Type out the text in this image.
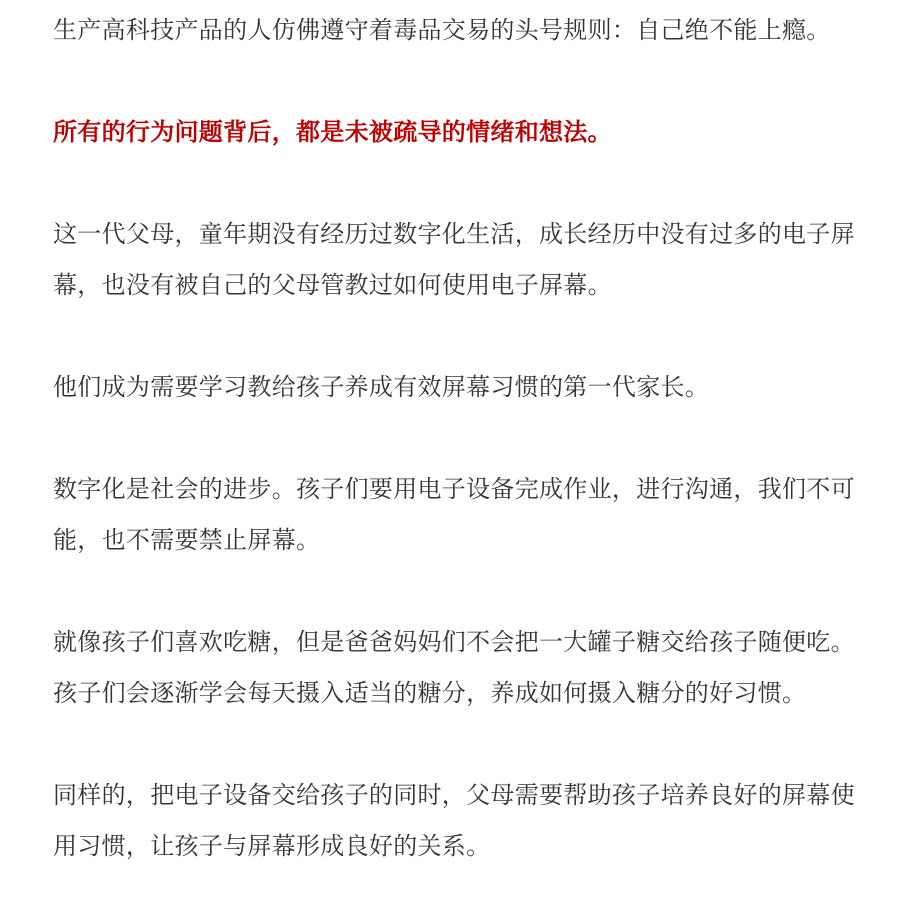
生产高科技产品的人仿佛遵守着毒品交易的头号规则：自己绝不能上瘾。

所有的行为问题背后，都是未被疏导的情绪和想法。

这一代父母，童年期没有经历过数字化生活，成长经历中没有过多的电子屏幕，也没有被自己的父母管教过如何使用电子屏幕。

他们成为需要学习教给孩子养成有效屏幕习惯的第一代家长。

数字化是社会的进步。孩子们要用电子设备完成作业，进行沟通，我们不可能，也不需要禁止屏幕。

就像孩子们喜欢吃糖，但是爸爸妈妈们不会把一大罐子糖交给孩子随便吃。孩子们会逐渐学会每天摄入适当的糖分，养成如何摄入糖分的好习惯。

同样的，把电子设备交给孩子的同时，父母需要帮助孩子培养良好的屏幕使用习惯，让孩子与屏幕形成良好的关系。
